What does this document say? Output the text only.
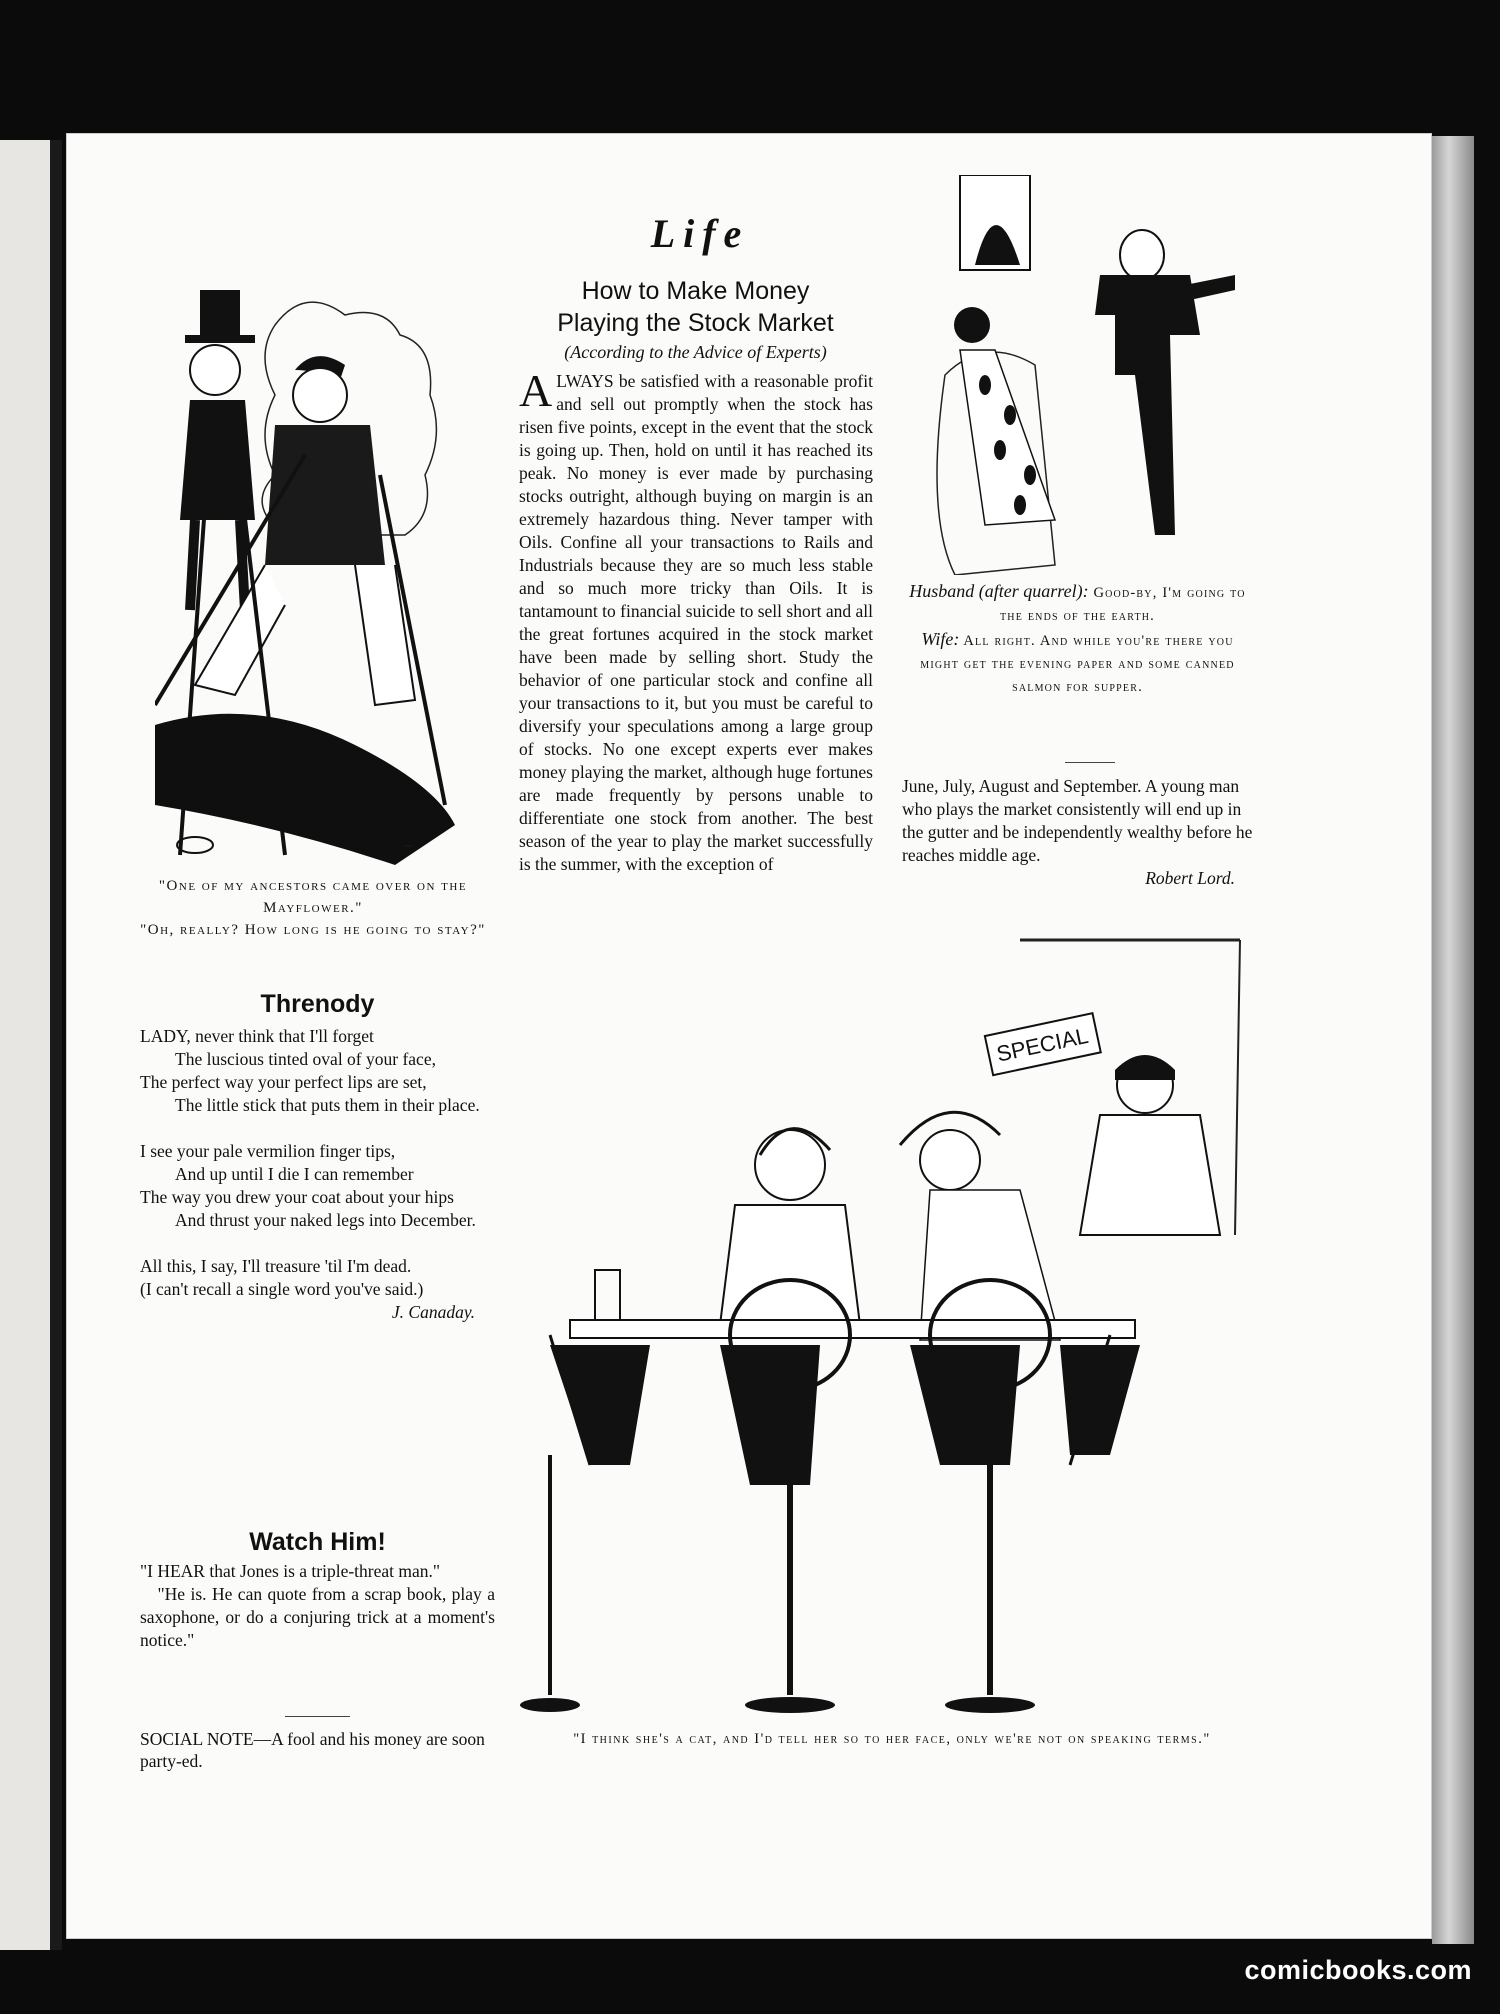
Life
How to Make Money
Playing the Stock Market
(According to the Advice of Experts)

ALWAYS be satisfied with a reasonable profit and sell out promptly when the stock has risen five points, except in the event that the stock is going up. Then, hold on until it has reached its peak. No money is ever made by purchasing stocks outright, although buying on margin is an extremely hazardous thing. Never tamper with Oils. Confine all your transactions to Rails and Industrials because they are so much less stable and so much more tricky than Oils. It is tantamount to financial suicide to sell short and all the great fortunes acquired in the stock market have been made by selling short. Study the behavior of one particular stock and confine all your transactions to it, but you must be careful to diversify your speculations among a large group of stocks. No one except experts ever makes money playing the market, although huge fortunes are made frequently by persons unable to differentiate one stock from another. The best season of the year to play the market successfully is the summer, with the exception of

~
"One of my ancestors came over on the Mayflower."
"Oh, really? How long is he going to stay?"
Threnody
LADY, never think that I'll forget
The luscious tinted oval of your face,
The perfect way your perfect lips are set,
The little stick that puts them in their place.
I see your pale vermilion finger tips,
And up until I die I can remember
The way you drew your coat about your hips
And thrust your naked legs into December.
All this, I say, I'll treasure 'til I'm dead.
(I can't recall a single word you've said.)
J. Canaday.
Watch Him!
"I HEAR that Jones is a triple-threat man."
"He is. He can quote from a scrap book, play a saxophone, or do a conjuring trick at a moment's notice."
SOCIAL NOTE—A fool and his money are soon party-ed.
Husband (after quarrel): Good-by, I'm going to the ends of the earth.
Wife: All right. And while you're there you might get the evening paper and some canned salmon for supper.
June, July, August and September. A young man who plays the market consistently will end up in the gutter and be independently wealthy before he reaches middle age.
Robert Lord.
SPECIAL
"I think she's a cat, and I'd tell her so to her face, only we're not on speaking terms."
comicbooks.com
